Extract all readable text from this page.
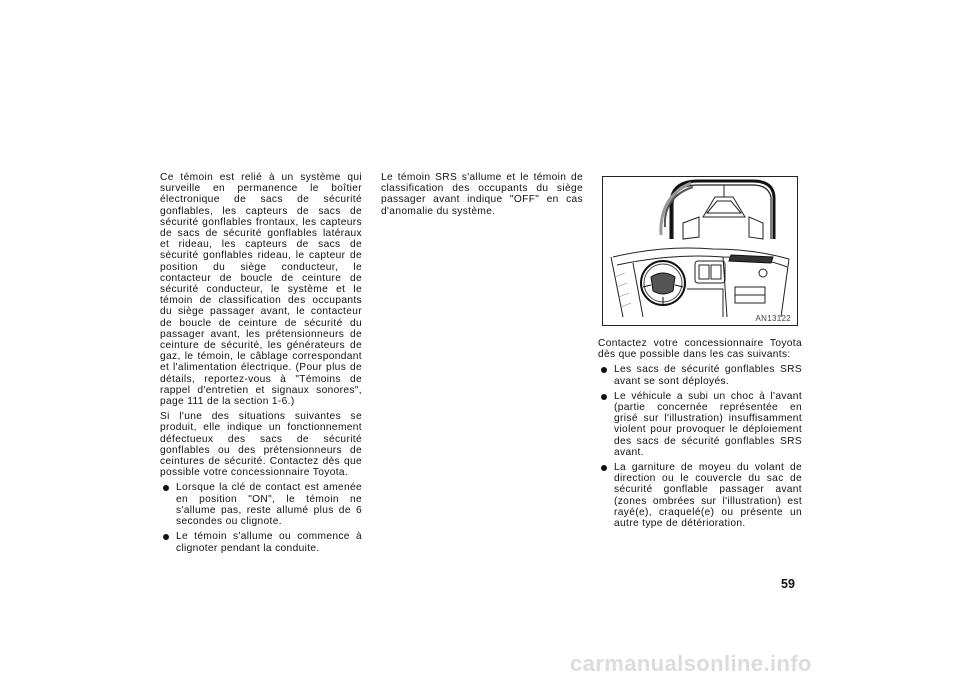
Ce témoin est relié à un système qui surveille en permanence le boîtier électronique de sacs de sécurité gonflables, les capteurs de sacs de sécurité gonflables frontaux, les capteurs de sacs de sécurité gonflables latéraux et rideau, les capteurs de sacs de sécurité gonflables rideau, le capteur de position du siège conducteur, le contacteur de boucle de ceinture de sécurité conducteur, le système et le témoin de classification des occupants du siège passager avant, le contacteur de boucle de ceinture de sécurité du passager avant, les prétensionneurs de ceinture de sécurité, les générateurs de gaz, le témoin, le câblage correspondant et l'alimentation électrique. (Pour plus de détails, reportez-vous à "Témoins de rappel d'entretien et signaux sonores", page 111 de la section 1-6.)

Si l'une des situations suivantes se produit, elle indique un fonctionnement défectueux des sacs de sécurité gonflables ou des prétensionneurs de ceintures de sécurité. Contactez dès que possible votre concessionnaire Toyota.

Lorsque la clé de contact est amenée en position "ON", le témoin ne s'allume pas, reste allumé plus de 6 secondes ou clignote.
Le témoin s'allume ou commence à clignoter pendant la conduite.

Le témoin SRS s'allume et le témoin de classification des occupants du siège passager avant indique "OFF" en cas d'anomalie du système.

AN13122

Contactez votre concessionnaire Toyota dès que possible dans les cas suivants:

Les sacs de sécurité gonflables SRS avant se sont déployés.
Le véhicule a subi un choc à l'avant (partie concernée représentée en grisé sur l'illustration) insuffisamment violent pour provoquer le déploiement des sacs de sécurité gonflables SRS avant.
La garniture de moyeu du volant de direction ou le couvercle du sac de sécurité gonflable passager avant (zones ombrées sur l'illustration) est rayé(e), craquelé(e) ou présente un autre type de détérioration.
59
carmanualsonline.info
